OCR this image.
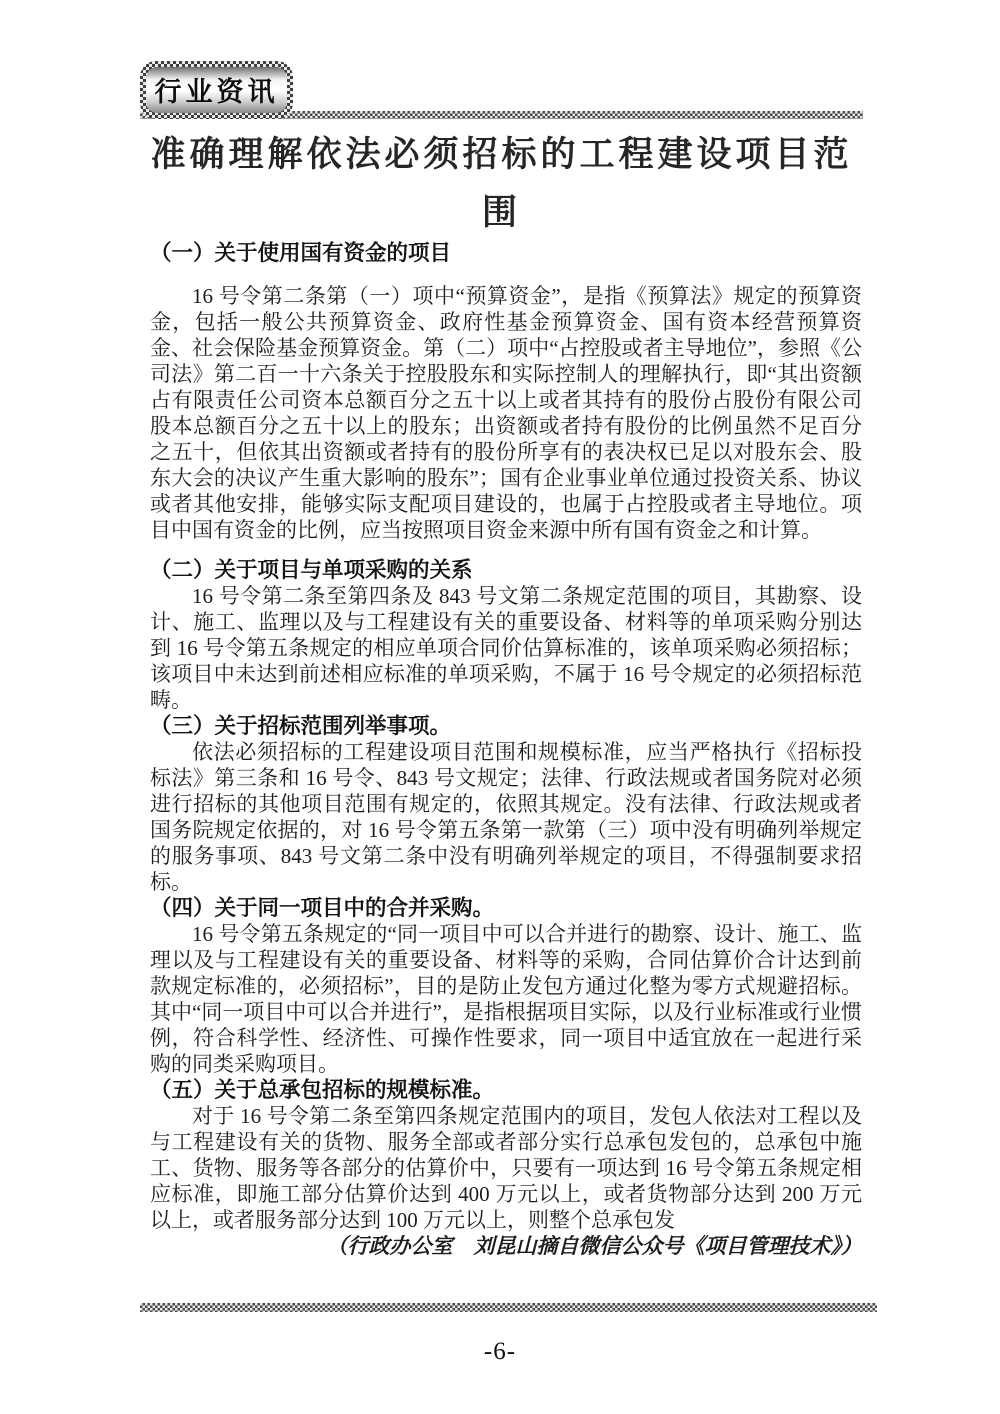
行业资讯
准确理解依法必须招标的工程建设项目范
围
（一）关于使用国有资金的项目

16 号令第二条第（一）项中“预算资金”，是指《预算法》规定的预算资金，包括一般公共预算资金、政府性基金预算资金、国有资本经营预算资金、社会保险基金预算资金。第（二）项中“占控股或者主导地位”，参照《公司法》第二百一十六条关于控股股东和实际控制人的理解执行，即“其出资额占有限责任公司资本总额百分之五十以上或者其持有的股份占股份有限公司股本总额百分之五十以上的股东；出资额或者持有股份的比例虽然不足百分之五十，但依其出资额或者持有的股份所享有的表决权已足以对股东会、股东大会的决议产生重大影响的股东”；国有企业事业单位通过投资关系、协议或者其他安排，能够实际支配项目建设的，也属于占控股或者主导地位。项目中国有资金的比例，应当按照项目资金来源中所有国有资金之和计算。

（二）关于项目与单项采购的关系

16 号令第二条至第四条及 843 号文第二条规定范围的项目，其勘察、设计、施工、监理以及与工程建设有关的重要设备、材料等的单项采购分别达到 16 号令第五条规定的相应单项合同价估算标准的，该单项采购必须招标；该项目中未达到前述相应标准的单项采购，不属于 16 号令规定的必须招标范畴。

（三）关于招标范围列举事项。

依法必须招标的工程建设项目范围和规模标准，应当严格执行《招标投标法》第三条和 16 号令、843 号文规定；法律、行政法规或者国务院对必须进行招标的其他项目范围有规定的，依照其规定。没有法律、行政法规或者国务院规定依据的，对 16 号令第五条第一款第（三）项中没有明确列举规定的服务事项、843 号文第二条中没有明确列举规定的项目，不得强制要求招标。

（四）关于同一项目中的合并采购。

16 号令第五条规定的“同一项目中可以合并进行的勘察、设计、施工、监理以及与工程建设有关的重要设备、材料等的采购，合同估算价合计达到前款规定标准的，必须招标”，目的是防止发包方通过化整为零方式规避招标。其中“同一项目中可以合并进行”，是指根据项目实际，以及行业标准或行业惯例，符合科学性、经济性、可操作性要求，同一项目中适宜放在一起进行采购的同类采购项目。

（五）关于总承包招标的规模标准。

对于 16 号令第二条至第四条规定范围内的项目，发包人依法对工程以及与工程建设有关的货物、服务全部或者部分实行总承包发包的，总承包中施工、货物、服务等各部分的估算价中，只要有一项达到 16 号令第五条规定相应标准，即施工部分估算价达到 400 万元以上，或者货物部分达到 200 万元以上，或者服务部分达到 100 万元以上，则整个总承包发

（行政办公室　刘昆山摘自微信公众号《项目管理技术》）

-6-
